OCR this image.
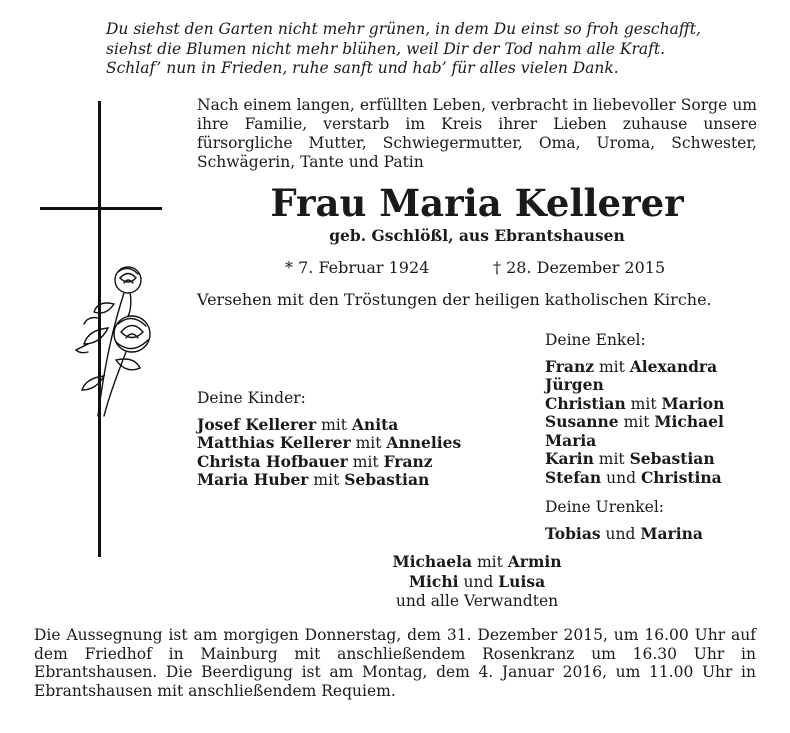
Du siehst den Garten nicht mehr grünen, in dem Du einst so froh geschafft,
siehst die Blumen nicht mehr blühen, weil Dir der Tod nahm alle Kraft.
Schlaf’ nun in Frieden, ruhe sanft und hab’ für alles vielen Dank.
Nach einem langen, erfüllten Leben, verbracht in liebevoller Sorge um ihre Familie, verstarb im Kreis ihrer Lieben zuhause unsere fürsorgliche Mutter, Schwiegermutter, Oma, Uroma, Schwester, Schwägerin, Tante und Patin
Frau Maria Kellerer
geb. Gschlößl, aus Ebrantshausen
* 7. Februar 1924	† 28. Dezember 2015
Versehen mit den Tröstungen der heiligen katholischen Kirche.
Deine Kinder:
Josef Kellerer mit Anita
Matthias Kellerer mit Annelies
Christa Hofbauer mit Franz
Maria Huber mit Sebastian
Deine Enkel:
Franz mit Alexandra
Jürgen
Christian mit Marion
Susanne mit Michael
Maria
Karin mit Sebastian
Stefan und Christina
Deine Urenkel:
Tobias und Marina
Michaela mit Armin
Michi und Luisa
und alle Verwandten
Die Aussegnung ist am morgigen Donnerstag, dem 31. Dezember 2015, um 16.00 Uhr auf dem Friedhof in Mainburg mit anschließendem Rosenkranz um 16.30 Uhr in Ebrantshausen. Die Beerdigung ist am Montag, dem 4. Januar 2016, um 11.00 Uhr in Ebrantshausen mit anschließendem Requiem.
